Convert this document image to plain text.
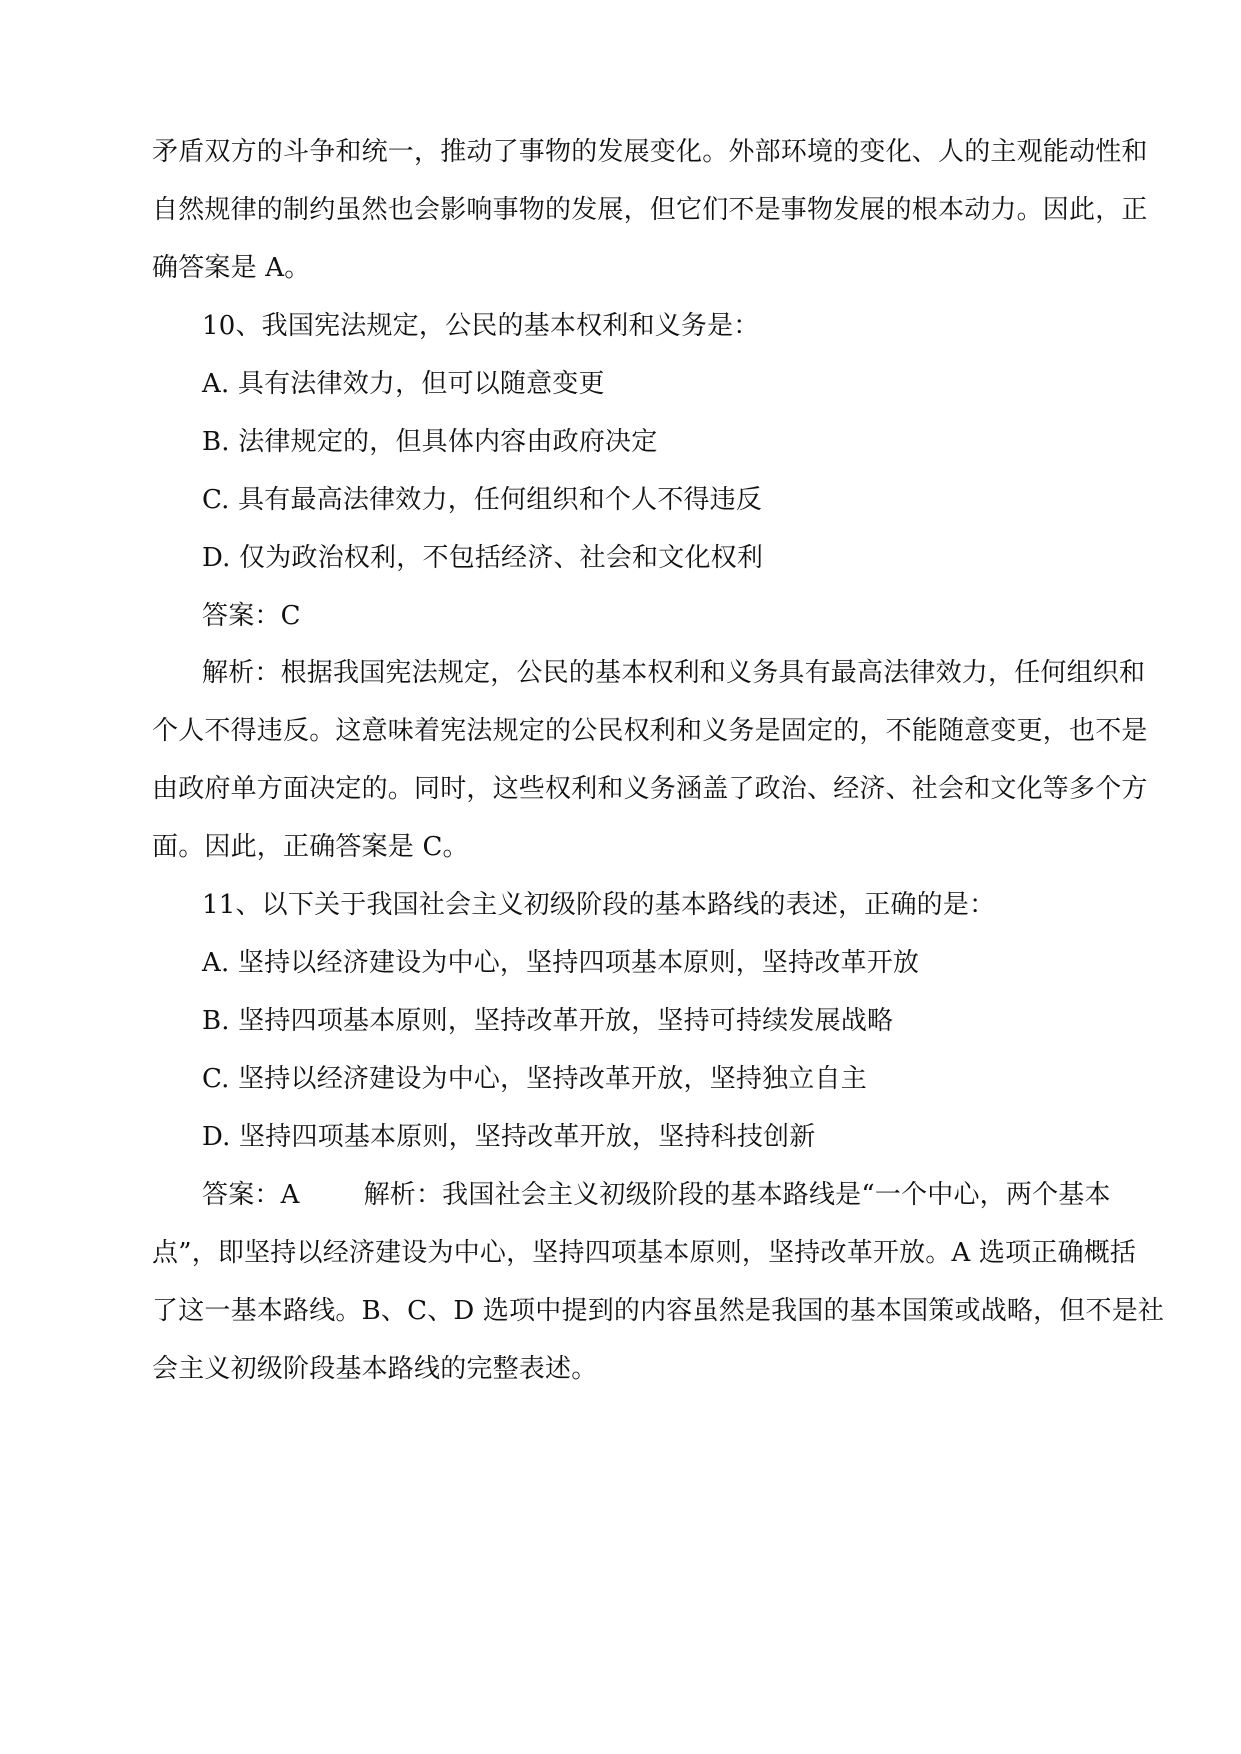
矛盾双方的斗争和统一，推动了事物的发展变化。外部环境的变化、人的主观能动性和
自然规律的制约虽然也会影响事物的发展，但它们不是事物发展的根本动力。因此，正
确答案是 A。
10、我国宪法规定，公民的基本权利和义务是：
A. 具有法律效力，但可以随意变更
B. 法律规定的，但具体内容由政府决定
C. 具有最高法律效力，任何组织和个人不得违反
D. 仅为政治权利，不包括经济、社会和文化权利
答案：C
解析：根据我国宪法规定，公民的基本权利和义务具有最高法律效力，任何组织和
个人不得违反。这意味着宪法规定的公民权利和义务是固定的，不能随意变更，也不是
由政府单方面决定的。同时，这些权利和义务涵盖了政治、经济、社会和文化等多个方
面。因此，正确答案是 C。
11、以下关于我国社会主义初级阶段的基本路线的表述，正确的是：
A. 坚持以经济建设为中心，坚持四项基本原则，坚持改革开放
B. 坚持四项基本原则，坚持改革开放，坚持可持续发展战略
C. 坚持以经济建设为中心，坚持改革开放，坚持独立自主
D. 坚持四项基本原则，坚持改革开放，坚持科技创新
答案：A 解析：我国社会主义初级阶段的基本路线是“一个中心，两个基本
点”，即坚持以经济建设为中心，坚持四项基本原则，坚持改革开放。A 选项正确概括
了这一基本路线。B、C、D 选项中提到的内容虽然是我国的基本国策或战略，但不是社
会主义初级阶段基本路线的完整表述。
